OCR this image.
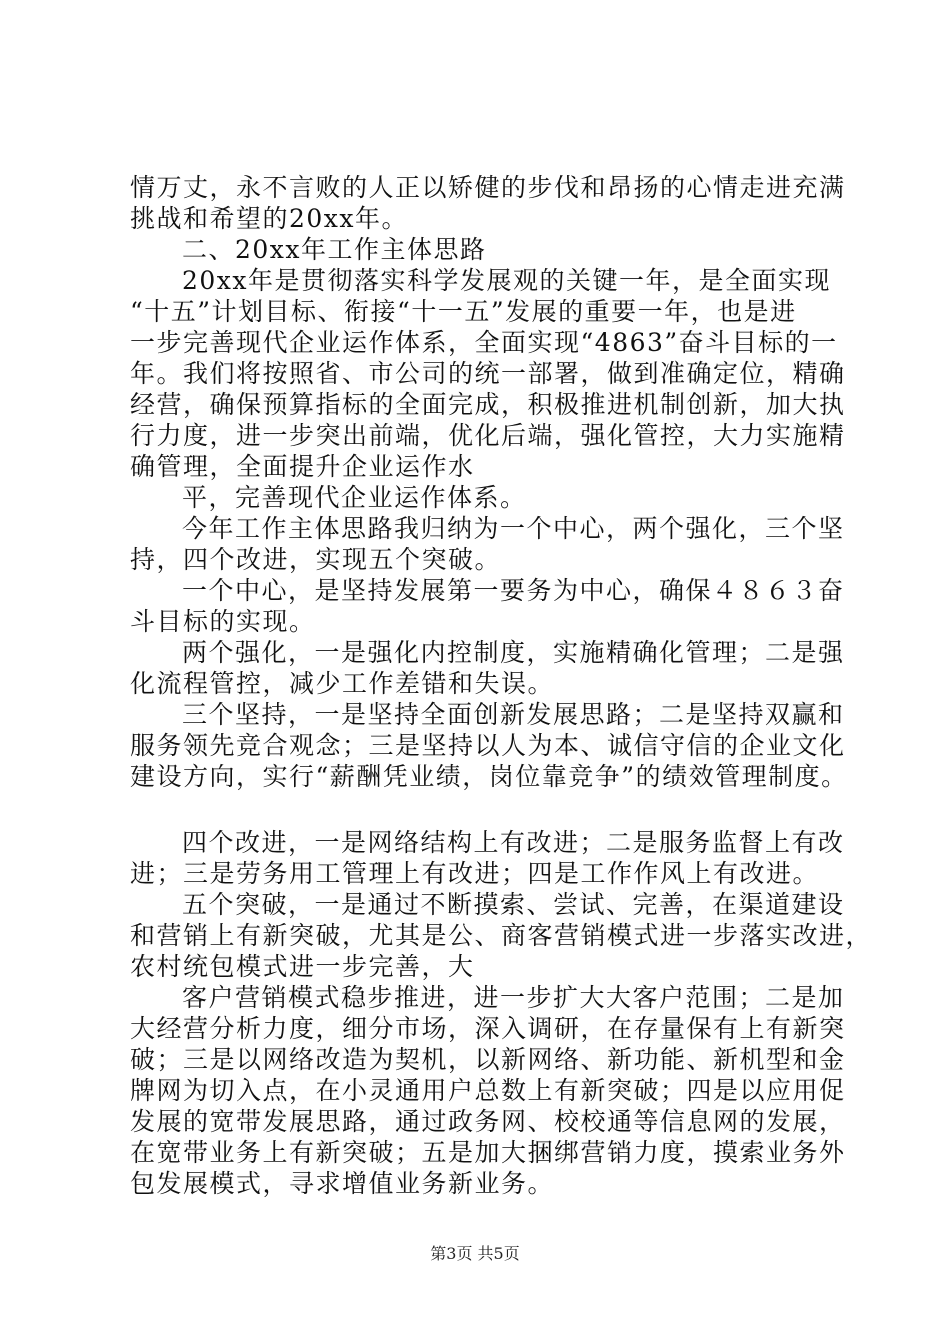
情万丈，永不言败的人正以矫健的步伐和昂扬的心情走进充满
挑战和希望的20xx年。
二、20xx年工作主体思路
20xx年是贯彻落实科学发展观的关键一年，是全面实现
“十五”计划目标、衔接“十一五”发展的重要一年，也是进
一步完善现代企业运作体系，全面实现“4863”奋斗目标的一
年。我们将按照省、市公司的统一部署，做到准确定位，精确
经营，确保预算指标的全面完成，积极推进机制创新，加大执
行力度，进一步突出前端，优化后端，强化管控，大力实施精
确管理，全面提升企业运作水
平，完善现代企业运作体系。
今年工作主体思路我归纳为一个中心，两个强化，三个坚
持，四个改进，实现五个突破。
一个中心，是坚持发展第一要务为中心，确保４８６３奋
斗目标的实现。
两个强化，一是强化内控制度，实施精确化管理；二是强
化流程管控，减少工作差错和失误。
三个坚持，一是坚持全面创新发展思路；二是坚持双赢和
服务领先竞合观念；三是坚持以人为本、诚信守信的企业文化
建设方向，实行“薪酬凭业绩，岗位靠竞争”的绩效管理制度。
四个改进，一是网络结构上有改进；二是服务监督上有改
进；三是劳务用工管理上有改进；四是工作作风上有改进。
五个突破，一是通过不断摸索、尝试、完善，在渠道建设
和营销上有新突破，尤其是公、商客营销模式进一步落实改进，
农村统包模式进一步完善，大
客户营销模式稳步推进，进一步扩大大客户范围；二是加
大经营分析力度，细分市场，深入调研，在存量保有上有新突
破；三是以网络改造为契机，以新网络、新功能、新机型和金
牌网为切入点，在小灵通用户总数上有新突破；四是以应用促
发展的宽带发展思路，通过政务网、校校通等信息网的发展，
在宽带业务上有新突破；五是加大捆绑营销力度，摸索业务外
包发展模式，寻求增值业务新业务。
第3页 共5页
